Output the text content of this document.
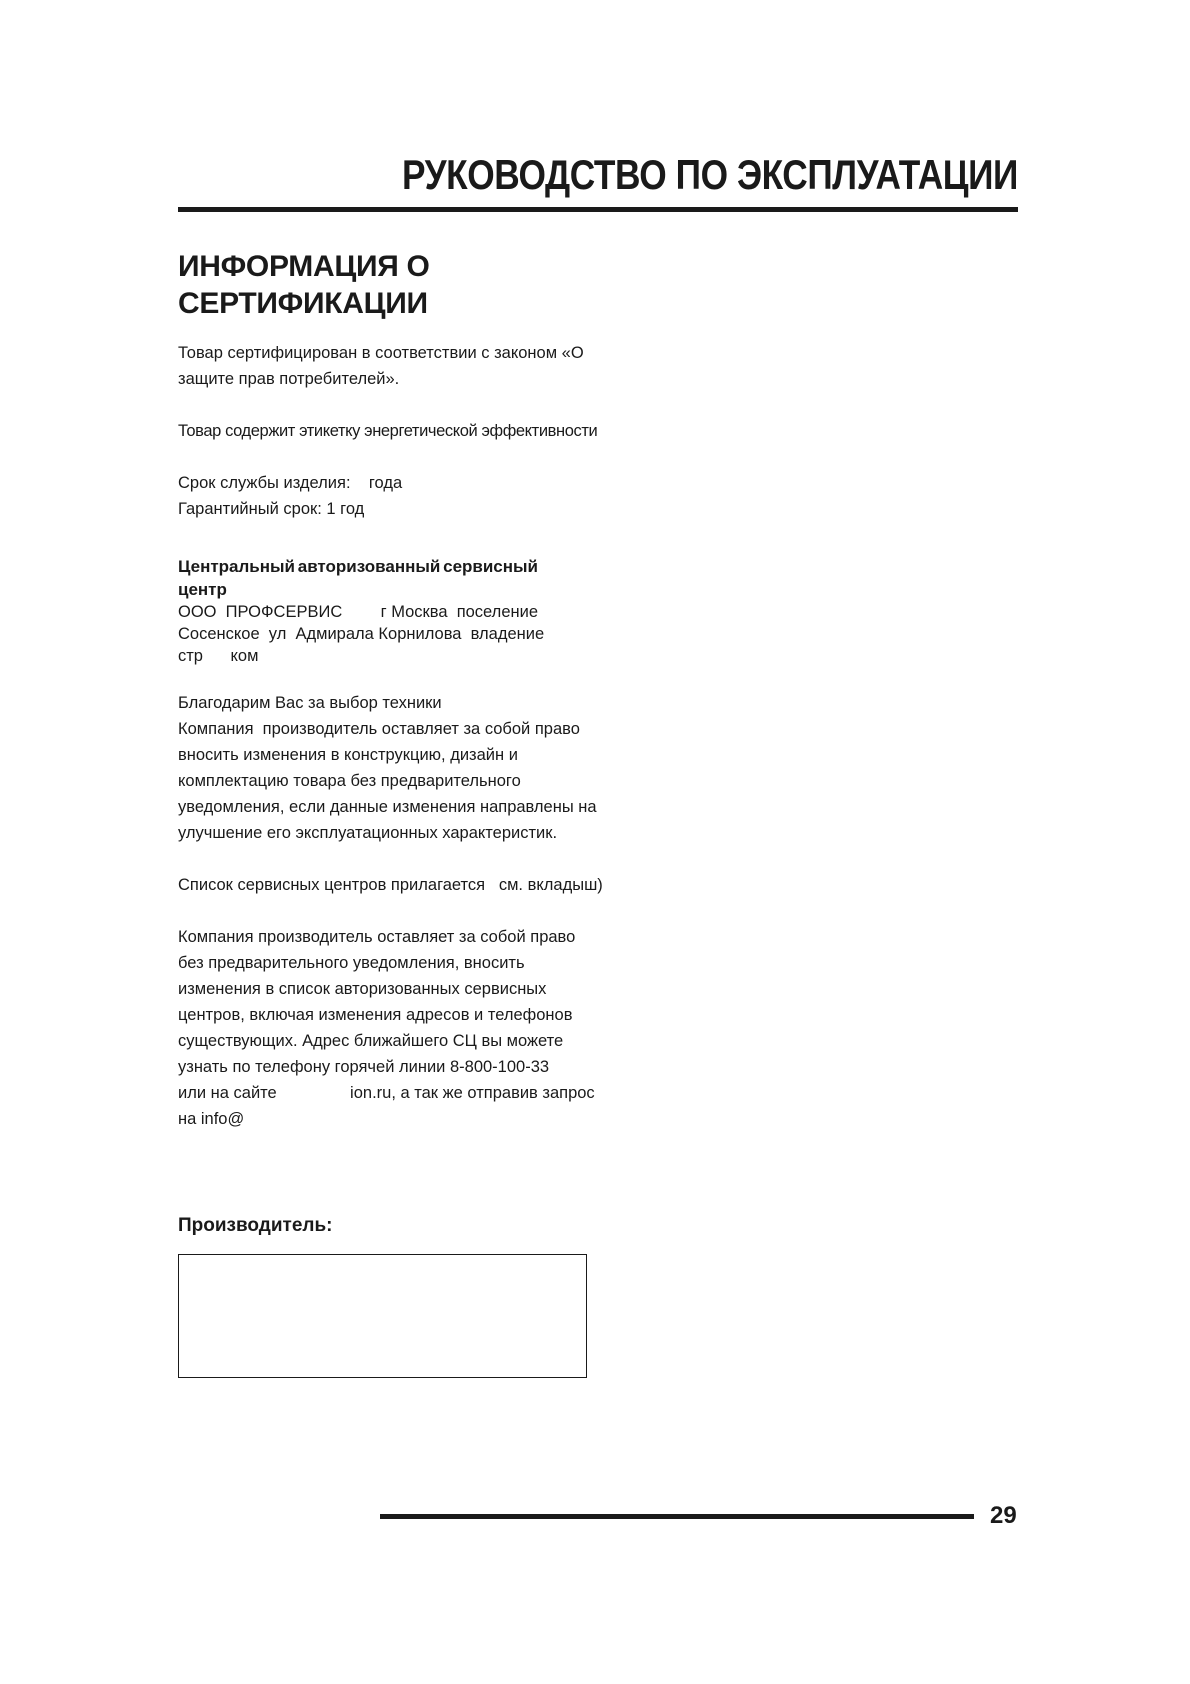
РУКОВОДСТВО ПО ЭКСПЛУАТАЦИИ
ИНФОРМАЦИЯ О
СЕРТИФИКАЦИИ
Товар сертифицирован в соответствии с законом «О
защите прав потребителей».
Товар содержит этикетку энергетической эффективности
Срок службы изделия:    года
Гарантийный срок: 1 год
Центральный авторизованный сервисный
центр
ООО  ПРОФСЕРВИС г Москва  поселение
Сосенское  ул  Адмирала Корнилова  владение
стр      ком
Благодарим Вас за выбор техники
Компания  производитель оставляет за собой право
вносить изменения в конструкцию, дизайн и
комплектацию товара без предварительного
уведомления, если данные изменения направлены на
улучшение его эксплуатационных характеристик.
Список сервисных центров прилагается   см. вкладыш)
Компания производитель оставляет за собой право
без предварительного уведомления, вносить
изменения в список авторизованных сервисных
центров, включая изменения адресов и телефонов
существующих. Адрес ближайшего СЦ вы можете
узнать по телефону горячей линии 8-800-100-33
или на сайте                ion.ru, а так же отправив запрос
на info@
Производитель:
29
